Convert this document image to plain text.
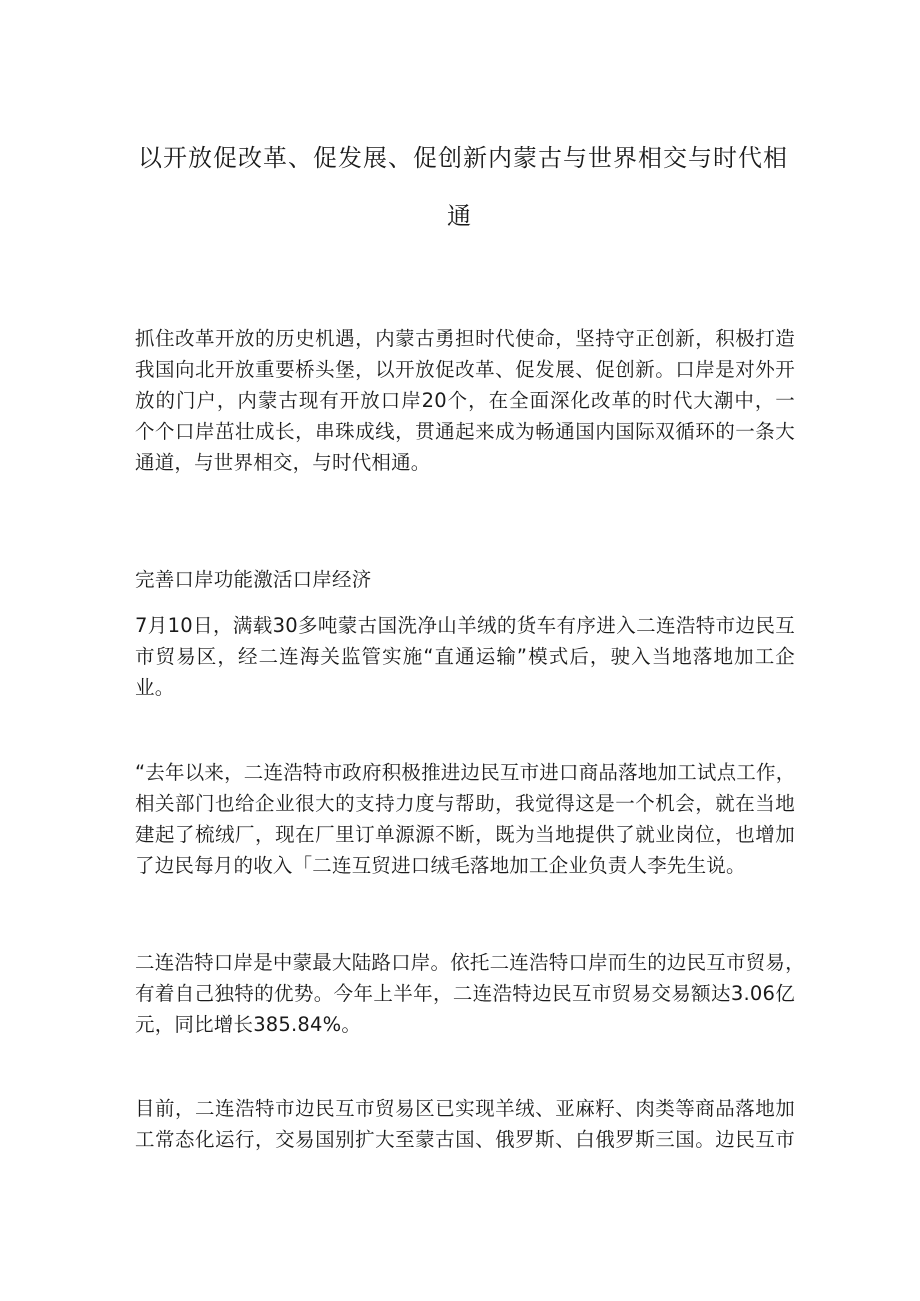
以开放促改革、促发展、促创新内蒙古与世界相交与时代相
通
抓住改革开放的历史机遇，内蒙古勇担时代使命，坚持守正创新，积极打造
我国向北开放重要桥头堡，以开放促改革、促发展、促创新。口岸是对外开
放的门户，内蒙古现有开放口岸20个，在全面深化改革的时代大潮中，一
个个口岸茁壮成长，串珠成线，贯通起来成为畅通国内国际双循环的一条大
通道，与世界相交，与时代相通。
完善口岸功能激活口岸经济
7月10日，满载30多吨蒙古国洗净山羊绒的货车有序进入二连浩特市边民互
市贸易区，经二连海关监管实施“直通运输”模式后，驶入当地落地加工企
业。
“去年以来，二连浩特市政府积极推进边民互市进口商品落地加工试点工作，
相关部门也给企业很大的支持力度与帮助，我觉得这是一个机会，就在当地
建起了梳绒厂，现在厂里订单源源不断，既为当地提供了就业岗位，也增加
了边民每月的收入「二连互贸进口绒毛落地加工企业负责人李先生说。
二连浩特口岸是中蒙最大陆路口岸。依托二连浩特口岸而生的边民互市贸易，
有着自己独特的优势。今年上半年，二连浩特边民互市贸易交易额达3.06亿
元，同比增长385.84%。
目前，二连浩特市边民互市贸易区已实现羊绒、亚麻籽、肉类等商品落地加
工常态化运行，交易国别扩大至蒙古国、俄罗斯、白俄罗斯三国。边民互市
